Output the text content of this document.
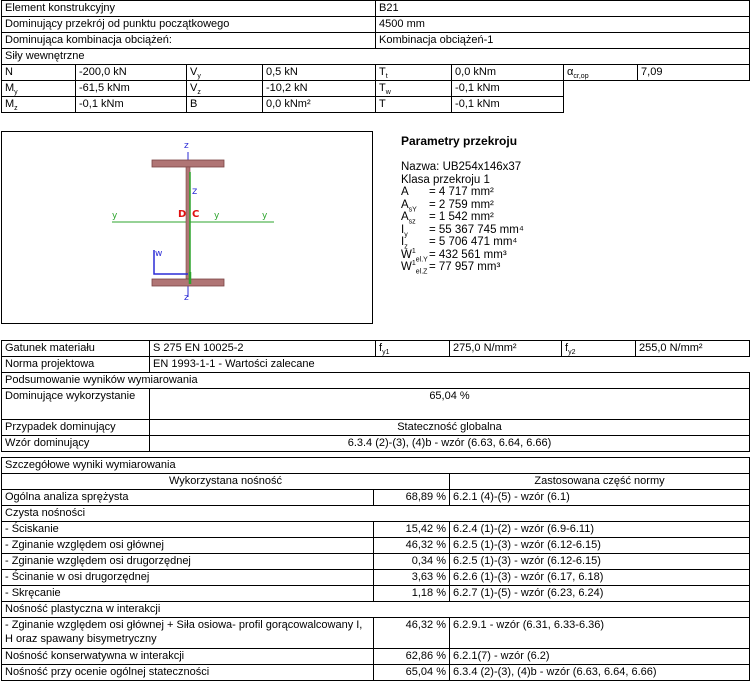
Element konstrukcyjny				B21			
Dominujący przekrój od punktu początkowego				4500 mm			
Dominująca kombinacja obciążeń:				Kombinacja obciążeń-1			
Siły wewnętrzne							
N	-200,0 kN	$V_y$	0,5 kN	$T_t$	0,0 kNm	$\alpha_{cr,op}$	7,09
$M_y$	-61,5 kNm	$V_z$	-10,2 kN	$T_w$	-0,1 kNm		
$M_z$	-0,1 kNm	B	0,0 kNm²	T	-0,1 kNm		
z
z
z
y	y	y
D C
w
Parametry przekroju
Nazwa: UB254x146x37
Klasa przekroju 1
A = 4 717 mm²
$A_{sY} = 2$ 759 mm²
$A_{sz} = 1$ 542 mm²
$I_y = 55$ 367 745 mm⁴
$I_z = 5$ 706 471 mm⁴
$W^1_{el.Y}= 432$ 561 mm³
$W^1_{el.Z} = 77$ 957 mm³
Gatunek materiału	S 275 EN 10025-2	$f_{y1}$	275,0 N/mm²	$f_{y2}$	255,0 N/mm²
Norma projektowa	EN 1993-1-1 - Wartości zalecane				
Podsumowanie wyników wymiarowania					
Dominujące wykorzystanie	65,04 %				
Przypadek dominujący	Stateczność globalna				
Wzór dominujący	6.3.4 (2)-(3), (4)b - wzór (6.63, 6.64, 6.66)				
Szczegółowe wyniki wymiarowania		
Wykorzystana nośność		Zastosowana część normy
Ogólna analiza sprężysta	68,89 %	6.2.1 (4)-(5) - wzór (6.1)
Czysta nośności		
- Ściskanie	15,42 %	6.2.4 (1)-(2) - wzór (6.9-6.11)
- Zginanie względem osi głównej	46,32 %	6.2.5 (1)-(3) - wzór (6.12-6.15)
- Zginanie względem osi drugorzędnej	0,34 %	6.2.5 (1)-(3) - wzór (6.12-6.15)
- Ścinanie w osi drugorzędnej	3,63 %	6.2.6 (1)-(3) - wzór (6.17, 6.18)
- Skręcanie	1,18 %	6.2.7 (1)-(5) - wzór (6.23, 6.24)
Nośność plastyczna w interakcji		
- Zginanie względem osi głównej + Siła osiowa- profil gorącowalcowany I, H oraz spawany bisymetryczny	46,32 %	6.2.9.1 - wzór (6.31, 6.33-6.36)
Nośność konserwatywna w interakcji	62,86 %	6.2.1(7) - wzór (6.2)
Nośność przy ocenie ogólnej stateczności	65,04 %	6.3.4 (2)-(3), (4)b - wzór (6.63, 6.64, 6.66)
